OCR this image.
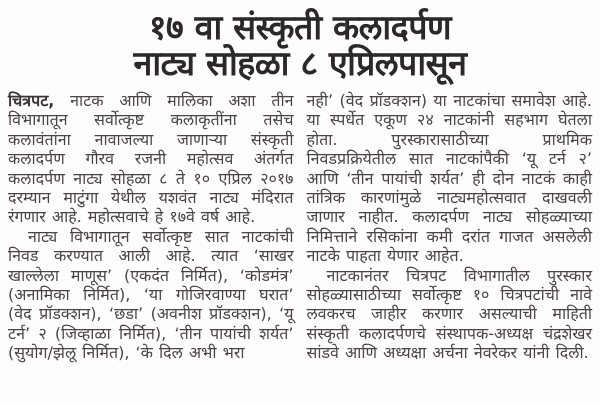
१७ वा संस्कृती कलादर्पण
नाट्य सोहळा ८ एप्रिलपासून

चित्रपट, नाटक आणि मालिका अशा तीन विभागातून सर्वोत्कृष्ट कलाकृतींना तसेच कलावंतांना नावाजल्या जाणाऱ्या संस्कृती कलादर्पण गौरव रजनी महोत्सव अंतर्गत कलादर्पण नाट्य सोहळा ८ ते १० एप्रिल २०१७ दरम्यान माटुंगा येथील यशवंत नाट्य मंदिरात रंगणार आहे. महोत्सवाचे हे १७वे वर्ष आहे.

नाट्य विभागातून सर्वोत्कृष्ट सात नाटकांची निवड करण्यात आली आहे. त्यात ‘साखर खाल्लेला माणूस’ (एकदंत निर्मित), ‘कोडमंत्र’ (अनामिका निर्मित), ‘या गोजिरवाण्या घरात’ (वेद प्रॉडक्शन), ‘छडा’ (अवनीश प्रॉडक्शन), ‘यू टर्न’ २ (जिव्हाळा निर्मित), ‘तीन पायांची शर्यत’ (सुयोग/झेलू निर्मित), ‘के दिल अभी भरा

नही’ (वेद प्रॉडक्शन) या नाटकांचा समावेश आहे. या स्पर्धेत एकूण २४ नाटकांनी सहभाग घेतला होता. पुरस्कारासाठीच्या प्राथमिक निवडप्रक्रियेतील सात नाटकांपैकी ‘यू टर्न २’ आणि ‘तीन पायांची शर्यत’ ही दोन नाटकं काही तांत्रिक कारणांमुळे नाट्यमहोत्सवात दाखवली जाणार नाहीत. कलादर्पण नाट्य सोहळ्याच्या निमित्ताने रसिकांना कमी दरांत गाजत असलेली नाटके पाहता येणार आहेत.

नाटकानंतर चित्रपट विभागातील पुरस्कार सोहळ्यासाठीच्या सर्वोत्कृष्ट १० चित्रपटांची नावे लवकरच जाहीर करणार असल्याची माहिती संस्कृती कलादर्पणचे संस्थापक-अध्यक्ष चंद्रशेखर सांडवे आणि अध्यक्षा अर्चना नेवरेकर यांनी दिली.
